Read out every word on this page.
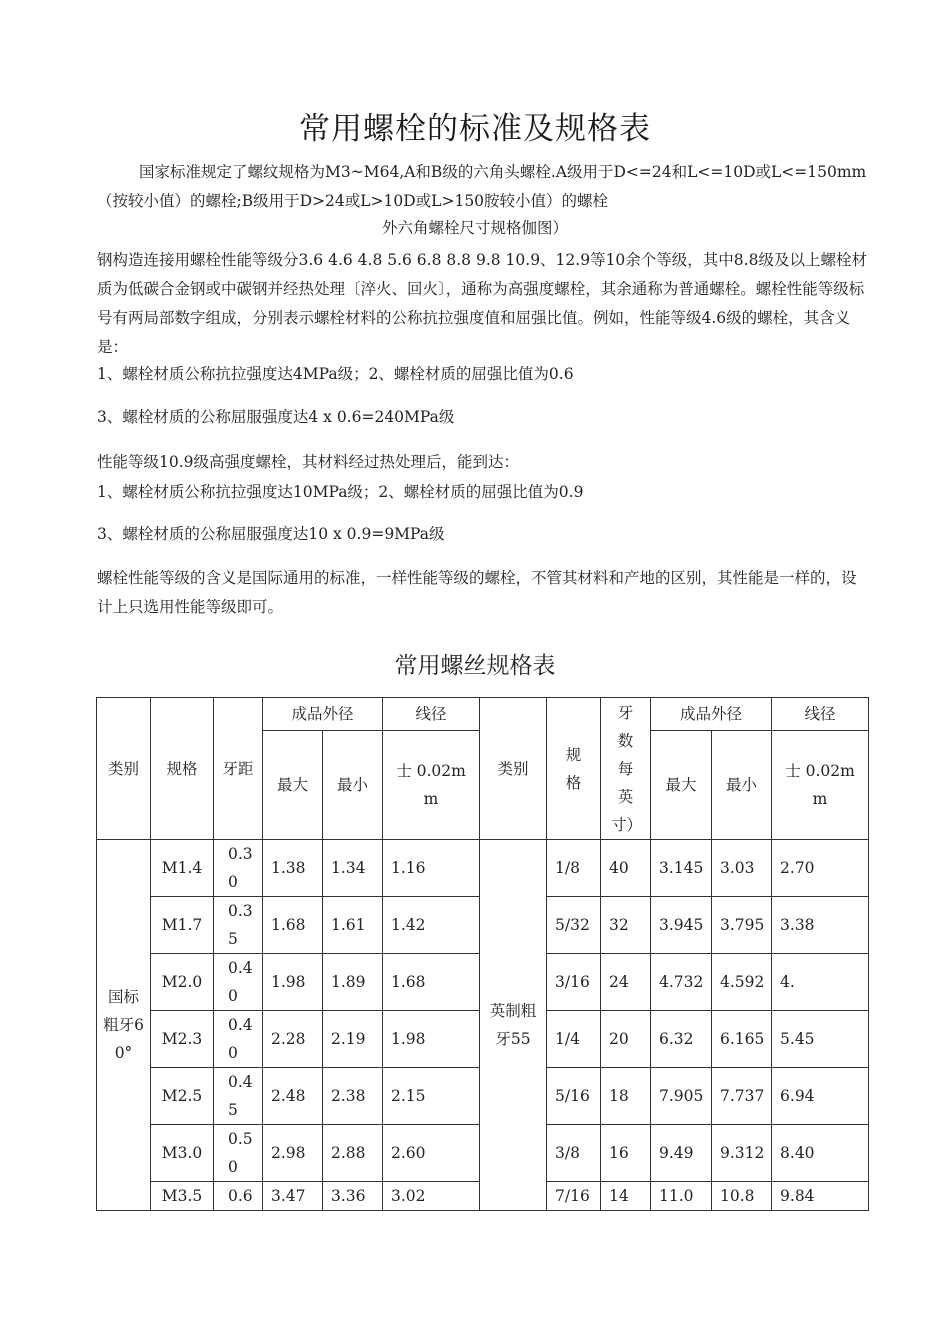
常用螺栓的标准及规格表

国家标准规定了螺纹规格为M3~M64,A和B级的六角头螺栓.A级用于D<=24和L<=10D或L<=150mm（按较小值）的螺栓;B级用于D>24或L>10D或L>150胺较小值）的螺栓

外六角螺栓尺寸规格伽图）

钢构造连接用螺栓性能等级分3.6 4.6 4.8 5.6 6.8 8.8 9.8 10.9、12.9等10余个等级，其中8.8级及以上螺栓材质为低碳合金钢或中碳钢并经热处理〔淬火、回火〕，通称为高强度螺栓，其余通称为普通螺栓。螺栓性能等级标号有两局部数字组成，分别表示螺栓材料的公称抗拉强度值和屈强比值。例如，性能等级4.6级的螺栓，其含义是：

1、螺栓材质公称抗拉强度达4MPa级；2、螺栓材质的屈强比值为0.6
3、螺栓材质的公称屈服强度达4 x 0.6=240MPa级
性能等级10.9级高强度螺栓，其材料经过热处理后，能到达：
1、螺栓材质公称抗拉强度达10MPa级；2、螺栓材质的屈强比值为0.9
3、螺栓材质的公称屈服强度达10 x 0.9=9MPa级

螺栓性能等级的含义是国际通用的标准，一样性能等级的螺栓，不管其材料和产地的区别，其性能是一样的，设计上只选用性能等级即可。

常用螺丝规格表
类别	规格	牙距	成品外径		线径	类别	规格	牙数每英寸）	成品外径		线径
			最大	最小	士 0.02mm				最大	最小	士 0.02mm
国标粗牙60°	M1.4	0.30	1.38	1.34	1.16	英制粗牙55	1/8	40	3.145	3.03	2.70
	M1.7	0.35	1.68	1.61	1.42		5/32	32	3.945	3.795	3.38
	M2.0	0.40	1.98	1.89	1.68		3/16	24	4.732	4.592	4.
	M2.3	0.40	2.28	2.19	1.98		1/4	20	6.32	6.165	5.45
	M2.5	0.45	2.48	2.38	2.15		5/16	18	7.905	7.737	6.94
	M3.0	0.50	2.98	2.88	2.60		3/8	16	9.49	9.312	8.40
	M3.5	0.6	3.47	3.36	3.02		7/16	14	11.0	10.8	9.84
